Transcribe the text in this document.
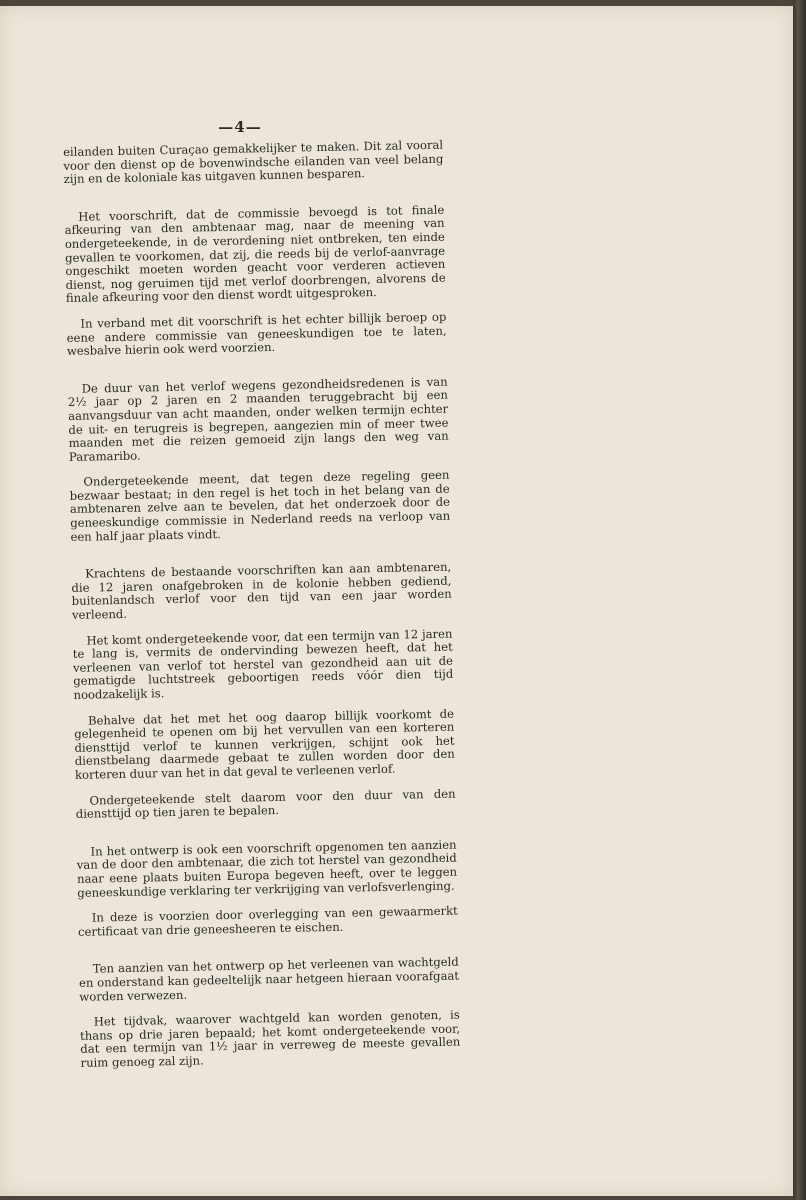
—4—

eilanden buiten Curaçao gemakkelijker te maken. Dit zal vooral voor den dienst op de bovenwindsche eilanden van veel belang zijn en de koloniale kas uitgaven kunnen besparen.

Het voorschrift, dat de commissie bevoegd is tot finale afkeuring van den ambtenaar mag, naar de meening van ondergeteekende, in de verordening niet ontbreken, ten einde gevallen te voorkomen, dat zij, die reeds bij de verlof-aanvrage ongeschikt moeten worden geacht voor verderen actieven dienst, nog geruimen tijd met verlof doorbrengen, alvorens de finale afkeuring voor den dienst wordt uitgesproken.

In verband met dit voorschrift is het echter billijk beroep op eene andere commissie van geneeskundigen toe te laten, wesbalve hierin ook werd voorzien.

De duur van het verlof wegens gezondheidsredenen is van 2½ jaar op 2 jaren en 2 maanden teruggebracht bij een aanvangsduur van acht maanden, onder welken termijn echter de uit- en terugreis is begrepen, aangezien min of meer twee maanden met die reizen gemoeid zijn langs den weg van Paramaribo.

Ondergeteekende meent, dat tegen deze regeling geen bezwaar bestaat; in den regel is het toch in het belang van de ambtenaren zelve aan te bevelen, dat het onderzoek door de geneeskundige commissie in Nederland reeds na verloop van een half jaar plaats vindt.

Krachtens de bestaande voorschriften kan aan ambtenaren, die 12 jaren onafgebroken in de kolonie hebben gediend, buitenlandsch verlof voor den tijd van een jaar worden verleend.

Het komt ondergeteekende voor, dat een termijn van 12 jaren te lang is, vermits de ondervinding bewezen heeft, dat het verleenen van verlof tot herstel van gezondheid aan uit de gematigde luchtstreek geboortigen reeds vóór dien tijd noodzakelijk is.

Behalve dat het met het oog daarop billijk voorkomt de gelegenheid te openen om bij het vervullen van een korteren diensttijd verlof te kunnen verkrijgen, schijnt ook het dienstbelang daarmede gebaat te zullen worden door den korteren duur van het in dat geval te verleenen verlof.

Ondergeteekende stelt daarom voor den duur van den diensttijd op tien jaren te bepalen.

In het ontwerp is ook een voorschrift opgenomen ten aanzien van de door den ambtenaar, die zich tot herstel van gezondheid naar eene plaats buiten Europa begeven heeft, over te leggen geneeskundige verklaring ter verkrijging van verlofsverlenging.

In deze is voorzien door overlegging van een gewaarmerkt certificaat van drie geneesheeren te eischen.

Ten aanzien van het ontwerp op het verleenen van wachtgeld en onderstand kan gedeeltelijk naar hetgeen hieraan voorafgaat worden verwezen.

Het tijdvak, waarover wachtgeld kan worden genoten, is thans op drie jaren bepaald; het komt ondergeteekende voor, dat een termijn van 1½ jaar in verreweg de meeste gevallen ruim genoeg zal zijn.
